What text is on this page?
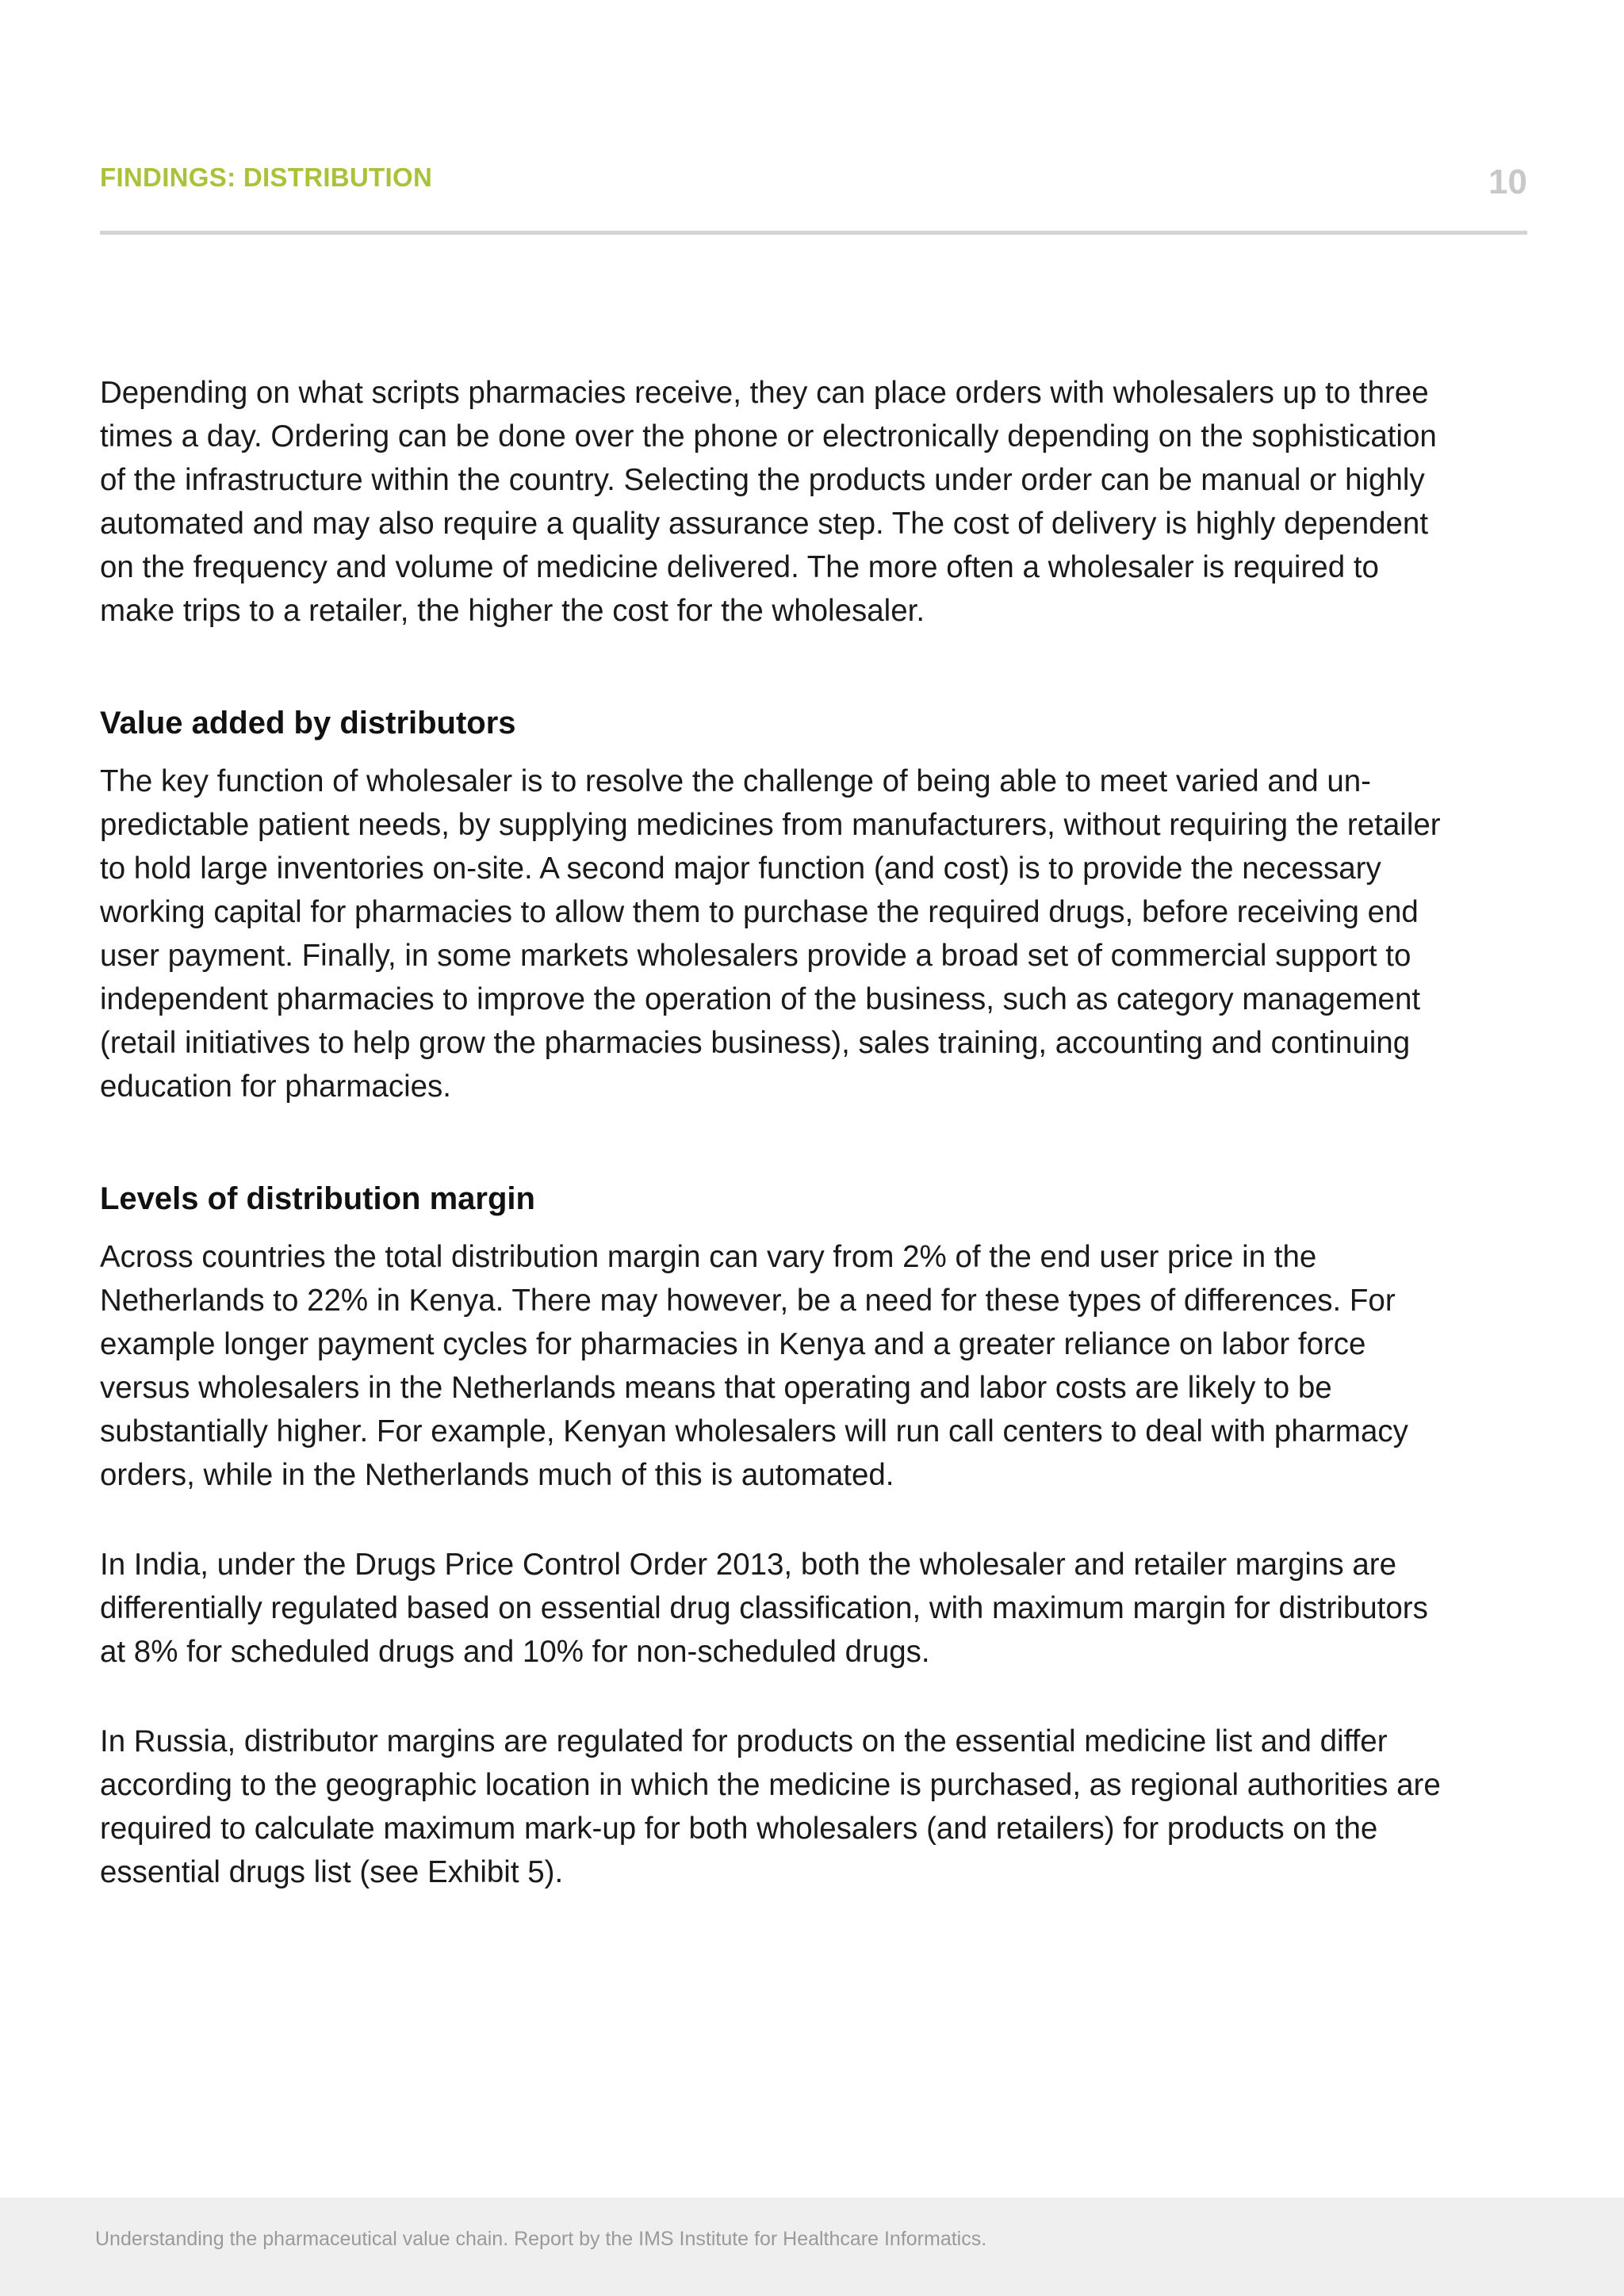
FINDINGS: DISTRIBUTION	10

Depending on what scripts pharmacies receive, they can place orders with wholesalers up to three times a day. Ordering can be done over the phone or electronically depending on the sophistication of the infrastructure within the country. Selecting the products under order can be manual or highly automated and may also require a quality assurance step. The cost of delivery is highly dependent on the frequency and volume of medicine delivered. The more often a wholesaler is required to make trips to a retailer, the higher the cost for the wholesaler.

Value added by distributors

The key function of wholesaler is to resolve the challenge of being able to meet varied and un-predictable patient needs, by supplying medicines from manufacturers, without requiring the retailer to hold large inventories on-site. A second major function (and cost) is to provide the necessary working capital for pharmacies to allow them to purchase the required drugs, before receiving end user payment. Finally, in some markets wholesalers provide a broad set of commercial support to independent pharmacies to improve the operation of the business, such as category management (retail initiatives to help grow the pharmacies business), sales training, accounting and continuing education for pharmacies.

Levels of distribution margin

Across countries the total distribution margin can vary from 2% of the end user price in the Netherlands to 22% in Kenya. There may however, be a need for these types of differences. For example longer payment cycles for pharmacies in Kenya and a greater reliance on labor force versus wholesalers in the Netherlands means that operating and labor costs are likely to be substantially higher. For example, Kenyan wholesalers will run call centers to deal with pharmacy orders, while in the Netherlands much of this is automated.

In India, under the Drugs Price Control Order 2013, both the wholesaler and retailer margins are differentially regulated based on essential drug classification, with maximum margin for distributors at 8% for scheduled drugs and 10% for non-scheduled drugs.

In Russia, distributor margins are regulated for products on the essential medicine list and differ according to the geographic location in which the medicine is purchased, as regional authorities are required to calculate maximum mark-up for both wholesalers (and retailers) for products on the essential drugs list (see Exhibit 5).

Understanding the pharmaceutical value chain. Report by the IMS Institute for Healthcare Informatics.
